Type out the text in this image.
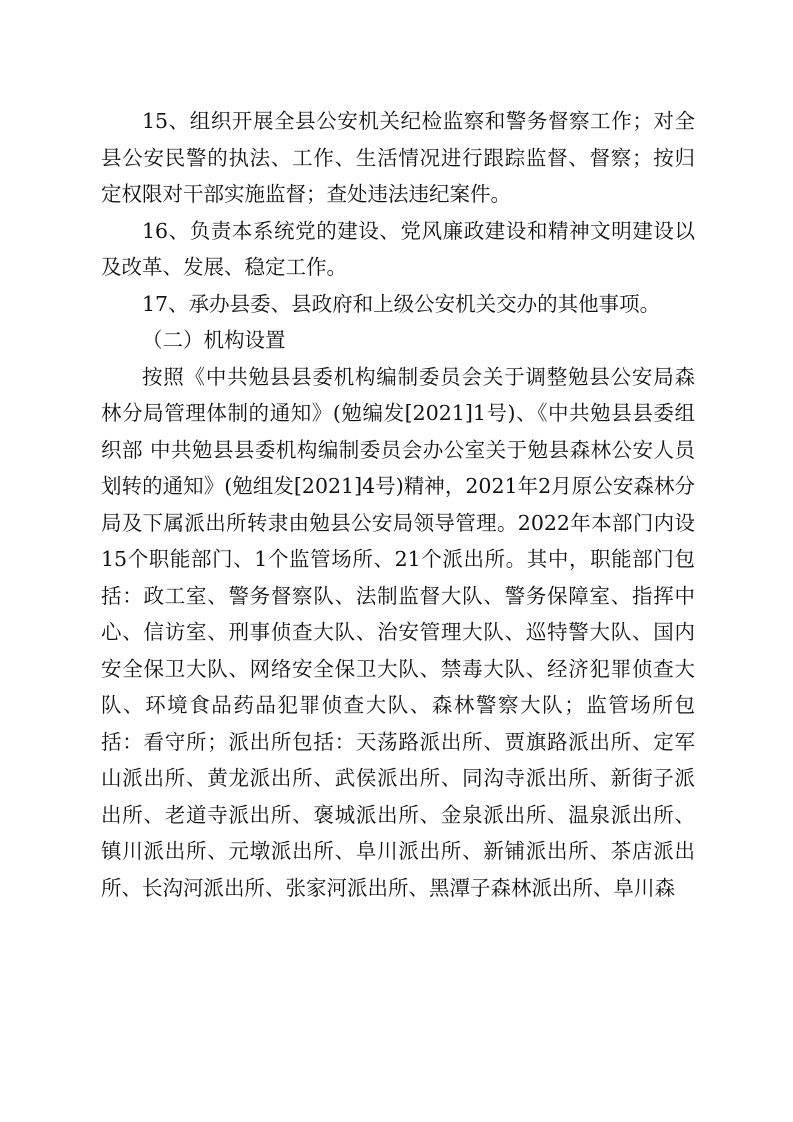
15、组织开展全县公安机关纪检监察和警务督察工作；对全县公安民警的执法、工作、生活情况进行跟踪监督、督察；按归定权限对干部实施监督；查处违法违纪案件。

16、负责本系统党的建设、党风廉政建设和精神文明建设以及改革、发展、稳定工作。

17、承办县委、县政府和上级公安机关交办的其他事项。

（二）机构设置

按照《中共勉县县委机构编制委员会关于调整勉县公安局森林分局管理体制的通知》(勉编发[2021]1号)、《中共勉县县委组织部 中共勉县县委机构编制委员会办公室关于勉县森林公安人员划转的通知》(勉组发[2021]4号)精神，2021年2月原公安森林分局及下属派出所转隶由勉县公安局领导管理。2022年本部门内设15个职能部门、1个监管场所、21个派出所。其中，职能部门包括：政工室、警务督察队、法制监督大队、警务保障室、指挥中心、信访室、刑事侦查大队、治安管理大队、巡特警大队、国内安全保卫大队、网络安全保卫大队、禁毒大队、经济犯罪侦查大队、环境食品药品犯罪侦查大队、森林警察大队；监管场所包括：看守所；派出所包括：天荡路派出所、贾旗路派出所、定军山派出所、黄龙派出所、武侯派出所、同沟寺派出所、新街子派出所、老道寺派出所、褒城派出所、金泉派出所、温泉派出所、镇川派出所、元墩派出所、阜川派出所、新铺派出所、茶店派出所、长沟河派出所、张家河派出所、黑潭子森林派出所、阜川森
